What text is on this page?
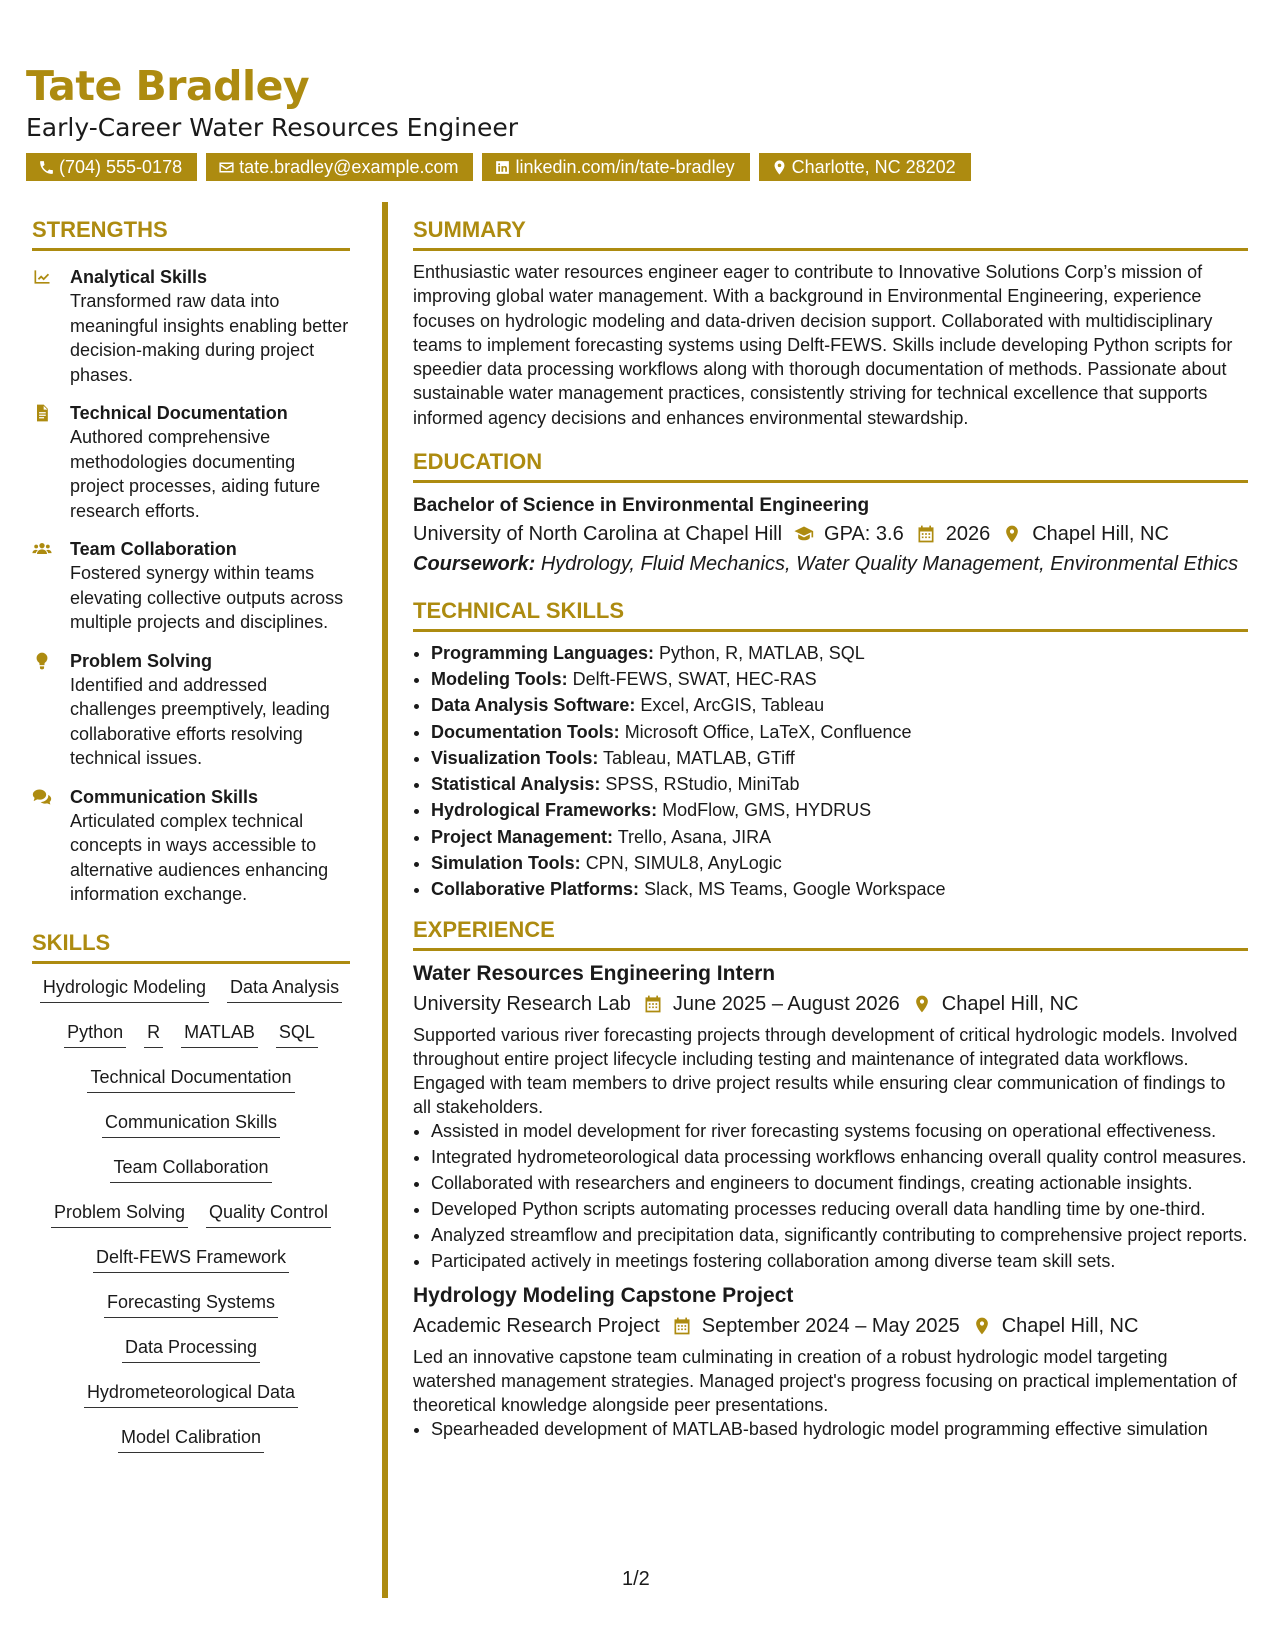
Tate Bradley
Early-Career Water Resources Engineer
(704) 555-0178	tate.bradley@example.com	linkedin.com/in/tate-bradley	Charlotte, NC 28202
STRENGTHS
Analytical Skills
Transformed raw data into meaningful insights enabling better decision-making during project phases.
Technical Documentation
Authored comprehensive methodologies documenting project processes, aiding future research efforts.
Team Collaboration
Fostered synergy within teams elevating collective outputs across multiple projects and disciplines.
Problem Solving
Identified and addressed challenges preemptively, leading collaborative efforts resolving technical issues.
Communication Skills
Articulated complex technical concepts in ways accessible to alternative audiences enhancing information exchange.
SKILLS
Hydrologic Modeling Data Analysis
Python R MATLAB SQL
Technical Documentation
Communication Skills
Team Collaboration
Problem Solving Quality Control
Delft-FEWS Framework
Forecasting Systems
Data Processing
Hydrometeorological Data
Model Calibration
SUMMARY
Enthusiastic water resources engineer eager to contribute to Innovative Solutions Corp’s mission of improving global water management. With a background in Environmental Engineering, experience focuses on hydrologic modeling and data-driven decision support. Collaborated with multidisciplinary teams to implement forecasting systems using Delft-FEWS. Skills include developing Python scripts for speedier data processing workflows along with thorough documentation of methods. Passionate about sustainable water management practices, consistently striving for technical excellence that supports informed agency decisions and enhances environmental stewardship.
EDUCATION
Bachelor of Science in Environmental Engineering
University of North Carolina at Chapel Hill GPA: 3.6 2026 Chapel Hill, NC
Coursework: Hydrology, Fluid Mechanics, Water Quality Management, Environmental Ethics
TECHNICAL SKILLS
• Programming Languages: Python, R, MATLAB, SQL
• Modeling Tools: Delft-FEWS, SWAT, HEC-RAS
• Data Analysis Software: Excel, ArcGIS, Tableau
• Documentation Tools: Microsoft Office, LaTeX, Confluence
• Visualization Tools: Tableau, MATLAB, GTiff
• Statistical Analysis: SPSS, RStudio, MiniTab
• Hydrological Frameworks: ModFlow, GMS, HYDRUS
• Project Management: Trello, Asana, JIRA
• Simulation Tools: CPN, SIMUL8, AnyLogic
• Collaborative Platforms: Slack, MS Teams, Google Workspace
EXPERIENCE
Water Resources Engineering Intern
University Research Lab June 2025 – August 2026 Chapel Hill, NC
Supported various river forecasting projects through development of critical hydrologic models. Involved throughout entire project lifecycle including testing and maintenance of integrated data workflows. Engaged with team members to drive project results while ensuring clear communication of findings to all stakeholders.
• Assisted in model development for river forecasting systems focusing on operational effectiveness.
• Integrated hydrometeorological data processing workflows enhancing overall quality control measures.
• Collaborated with researchers and engineers to document findings, creating actionable insights.
• Developed Python scripts automating processes reducing overall data handling time by one-third.
• Analyzed streamflow and precipitation data, significantly contributing to comprehensive project reports.
• Participated actively in meetings fostering collaboration among diverse team skill sets.
Hydrology Modeling Capstone Project
Academic Research Project September 2024 – May 2025 Chapel Hill, NC
Led an innovative capstone team culminating in creation of a robust hydrologic model targeting watershed management strategies. Managed project's progress focusing on practical implementation of theoretical knowledge alongside peer presentations.
• Spearheaded development of MATLAB-based hydrologic model programming effective simulation
1/2
